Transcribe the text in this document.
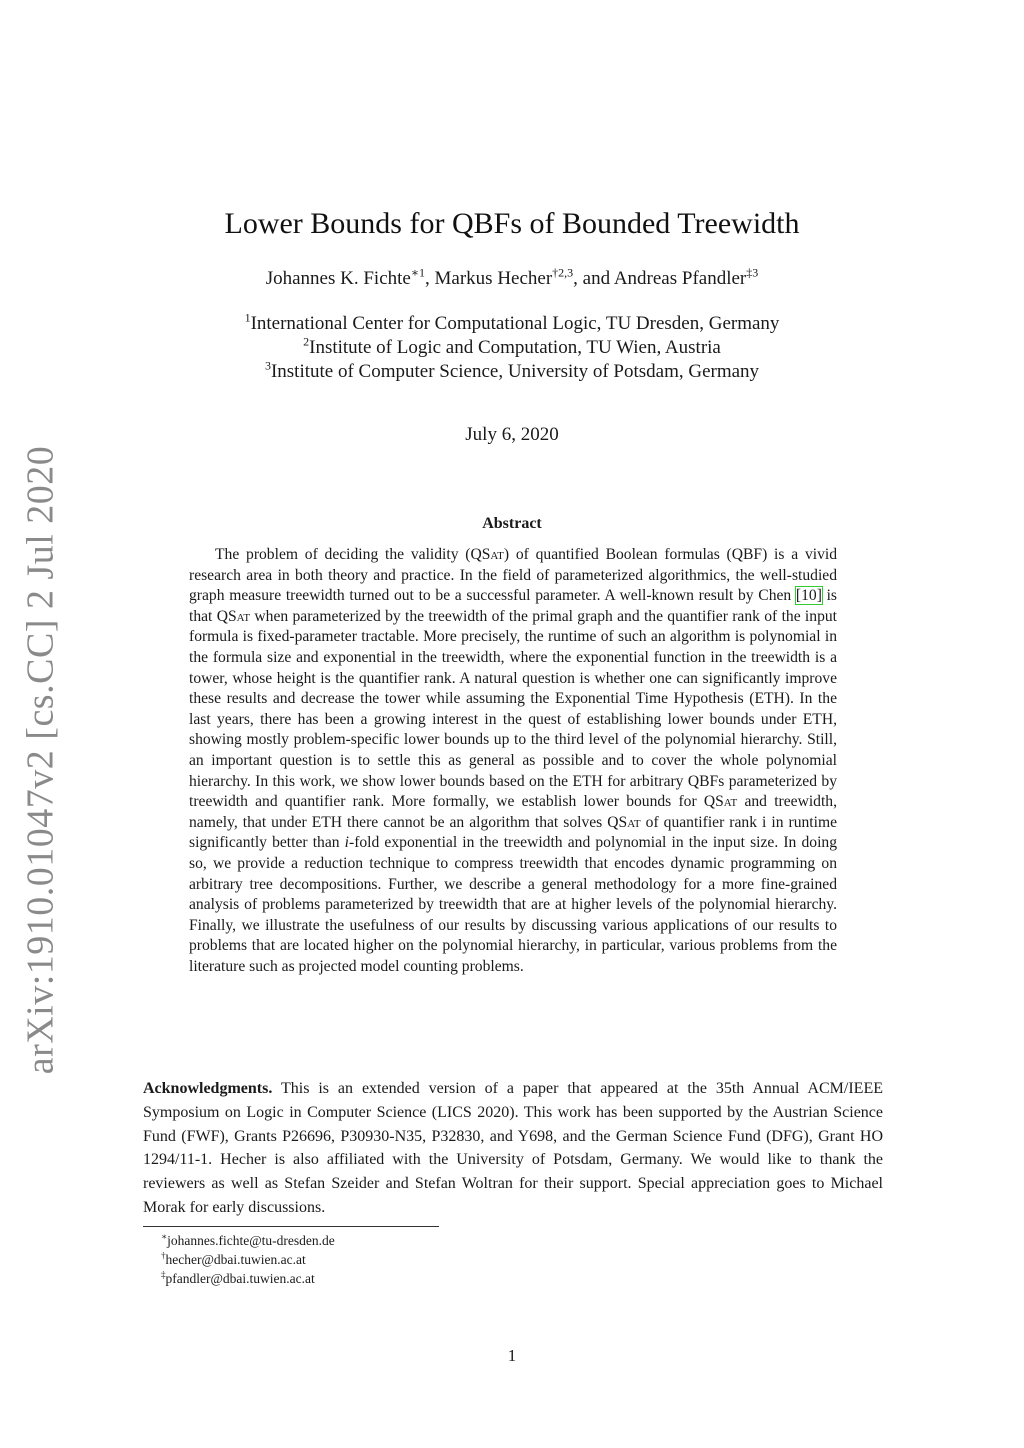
arXiv:1910.01047v2 [cs.CC] 2 Jul 2020
Lower Bounds for QBFs of Bounded Treewidth
Johannes K. Fichte$^{∗1}$, Markus Hecher$^{\dagger 2,3}$, and Andreas Pfandler$^{\ddagger 3}$
$^1$International Center for Computational Logic, TU Dresden, Germany
$^2$Institute of Logic and Computation, TU Wien, Austria
$^3$Institute of Computer Science, University of Potsdam, Germany
July 6, 2020
Abstract
The problem of deciding the validity (QSat) of quantified Boolean formulas (QBF) is a vivid research area in both theory and practice. In the field of parameterized algorithmics, the well-studied graph measure treewidth turned out to be a successful parameter. A well-known result by Chen [10] is that QSat when parameterized by the treewidth of the primal graph and the quantifier rank of the input formula is fixed-parameter tractable. More precisely, the runtime of such an algorithm is polynomial in the formula size and exponential in the treewidth, where the exponential function in the treewidth is a tower, whose height is the quantifier rank. A natural question is whether one can significantly improve these results and decrease the tower while assuming the Exponential Time Hypothesis (ETH). In the last years, there has been a growing interest in the quest of establishing lower bounds under ETH, showing mostly problem-specific lower bounds up to the third level of the polynomial hierarchy. Still, an important question is to settle this as general as possible and to cover the whole polynomial hierarchy. In this work, we show lower bounds based on the ETH for arbitrary QBFs parameterized by treewidth and quantifier rank. More formally, we establish lower bounds for QSat and treewidth, namely, that under ETH there cannot be an algorithm that solves QSat of quantifier rank i in runtime significantly better than i-fold exponential in the treewidth and polynomial in the input size. In doing so, we provide a reduction technique to compress treewidth that encodes dynamic programming on arbitrary tree decompositions. Further, we describe a general methodology for a more fine-grained analysis of problems parameterized by treewidth that are at higher levels of the polynomial hierarchy. Finally, we illustrate the usefulness of our results by discussing various applications of our results to problems that are located higher on the polynomial hierarchy, in particular, various problems from the literature such as projected model counting problems.
Acknowledgments. This is an extended version of a paper that appeared at the 35th Annual ACM/IEEE Symposium on Logic in Computer Science (LICS 2020). This work has been supported by the Austrian Science Fund (FWF), Grants P26696, P30930-N35, P32830, and Y698, and the German Science Fund (DFG), Grant HO 1294/11-1. Hecher is also affiliated with the University of Potsdam, Germany. We would like to thank the reviewers as well as Stefan Szeider and Stefan Woltran for their support. Special appreciation goes to Michael Morak for early discussions.
∗johannes.fichte@tu-dresden.de
†hecher@dbai.tuwien.ac.at
‡pfandler@dbai.tuwien.ac.at
1
